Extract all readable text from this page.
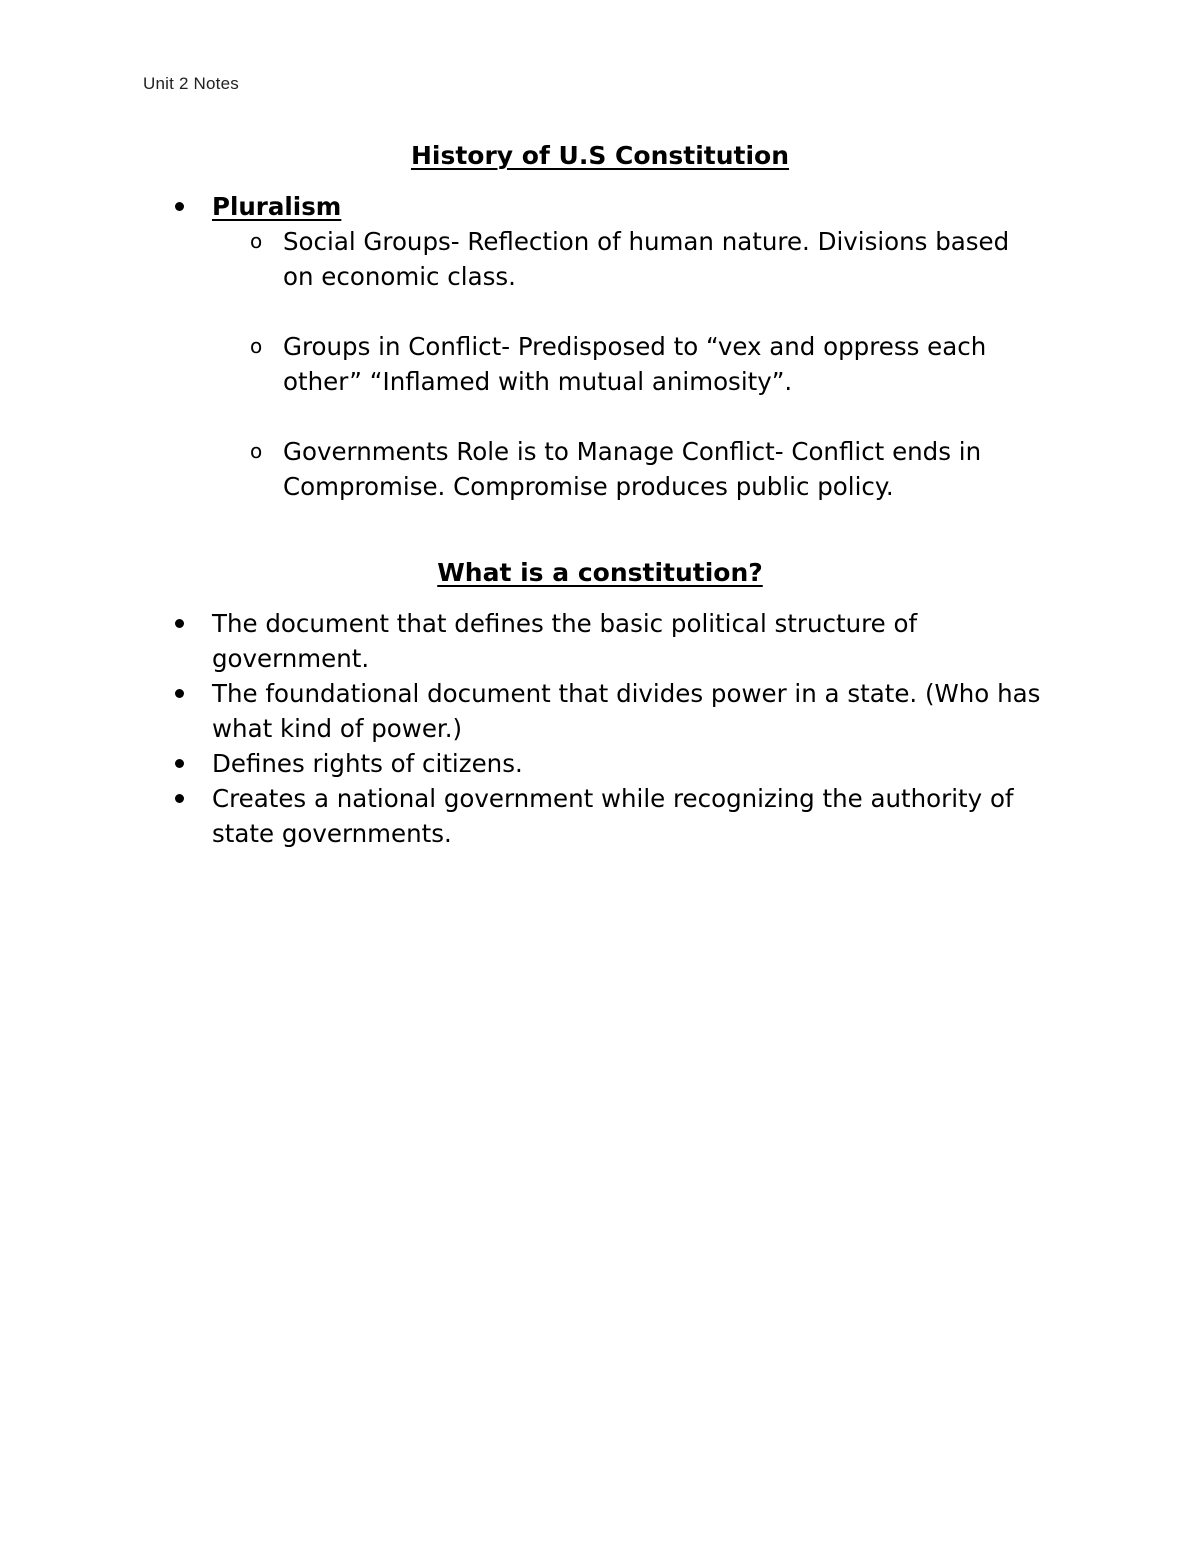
Unit 2 Notes
History of U.S Constitution
Pluralism
o Social Groups- Reflection of human nature. Divisions based on economic class.
o Groups in Conflict- Predisposed to “vex and oppress each other” “Inflamed with mutual animosity”.
o Governments Role is to Manage Conflict- Conflict ends in Compromise. Compromise produces public policy.
What is a constitution?
The document that defines the basic political structure of government.
The foundational document that divides power in a state. (Who has what kind of power.)
Defines rights of citizens.
Creates a national government while recognizing the authority of state governments.
